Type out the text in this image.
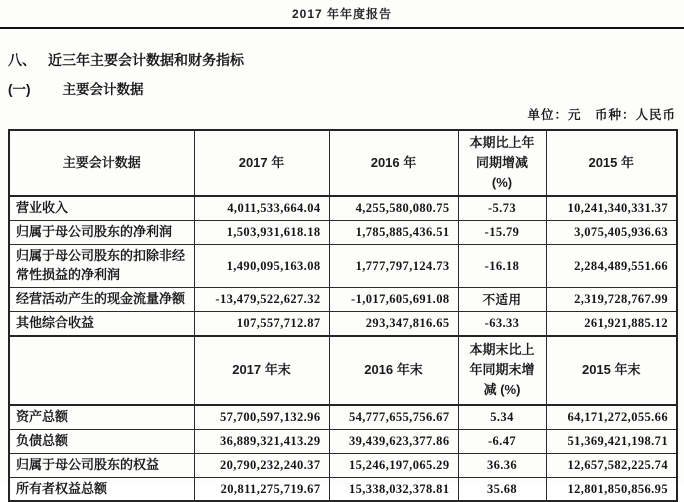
2017 年年度报告
八、 近三年主要会计数据和财务指标
(一) 主要会计数据
单位：元　币种：人民币
主要会计数据	2017 年	2016 年	本期比上年同期增减(%)	2015 年
营业收入	4,011,533,664.04	4,255,580,080.75	-5.73	10,241,340,331.37
归属于母公司股东的净利润	1,503,931,618.18	1,785,885,436.51	-15.79	3,075,405,936.63
归属于母公司股东的扣除非经常性损益的净利润	1,490,095,163.08	1,777,797,124.73	-16.18	2,284,489,551.66
经营活动产生的现金流量净额	-13,479,522,627.32	-1,017,605,691.08	不适用	2,319,728,767.99
其他综合收益	107,557,712.87	293,347,816.65	-63.33	261,921,885.12
	2017 年末	2016 年末	本期末比上年同期末增减 (%)	2015 年末
资产总额	57,700,597,132.96	54,777,655,756.67	5.34	64,171,272,055.66
负债总额	36,889,321,413.29	39,439,623,377.86	-6.47	51,369,421,198.71
归属于母公司股东的权益	20,790,232,240.37	15,246,197,065.29	36.36	12,657,582,225.74
所有者权益总额	20,811,275,719.67	15,338,032,378.81	35.68	12,801,850,856.95
